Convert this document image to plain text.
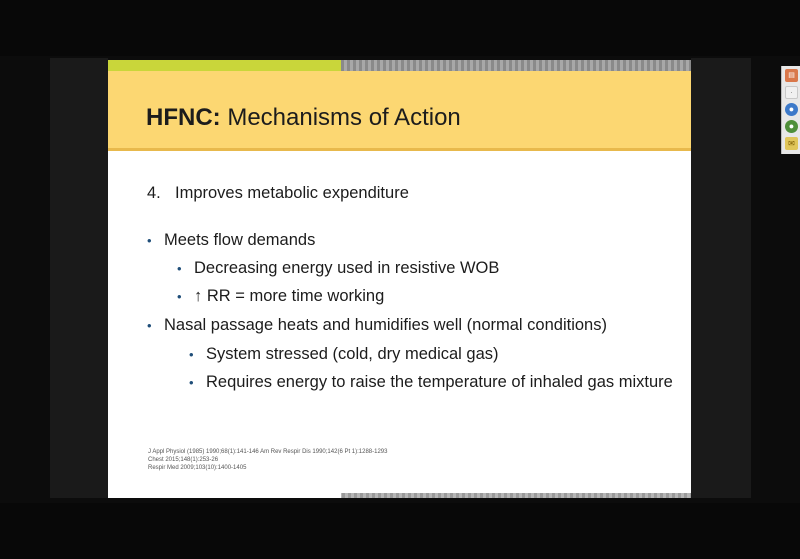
HFNC: Mechanisms of Action
4. Improves metabolic expenditure
• Meets flow demands
• Decreasing energy used in resistive WOB
• ↑ RR = more time working
• Nasal passage heats and humidifies well (normal conditions)
• System stressed (cold, dry medical gas)
• Requires energy to raise the temperature of inhaled gas mixture
J Appl Physiol (1985) 1990;68(1):141-146 Am Rev Respir Dis 1990;142(6 Pt 1):1288-1293
Chest 2015;148(1):253-26
Respir Med 2009;103(10):1400-1405
▤
·
●
●
✉
